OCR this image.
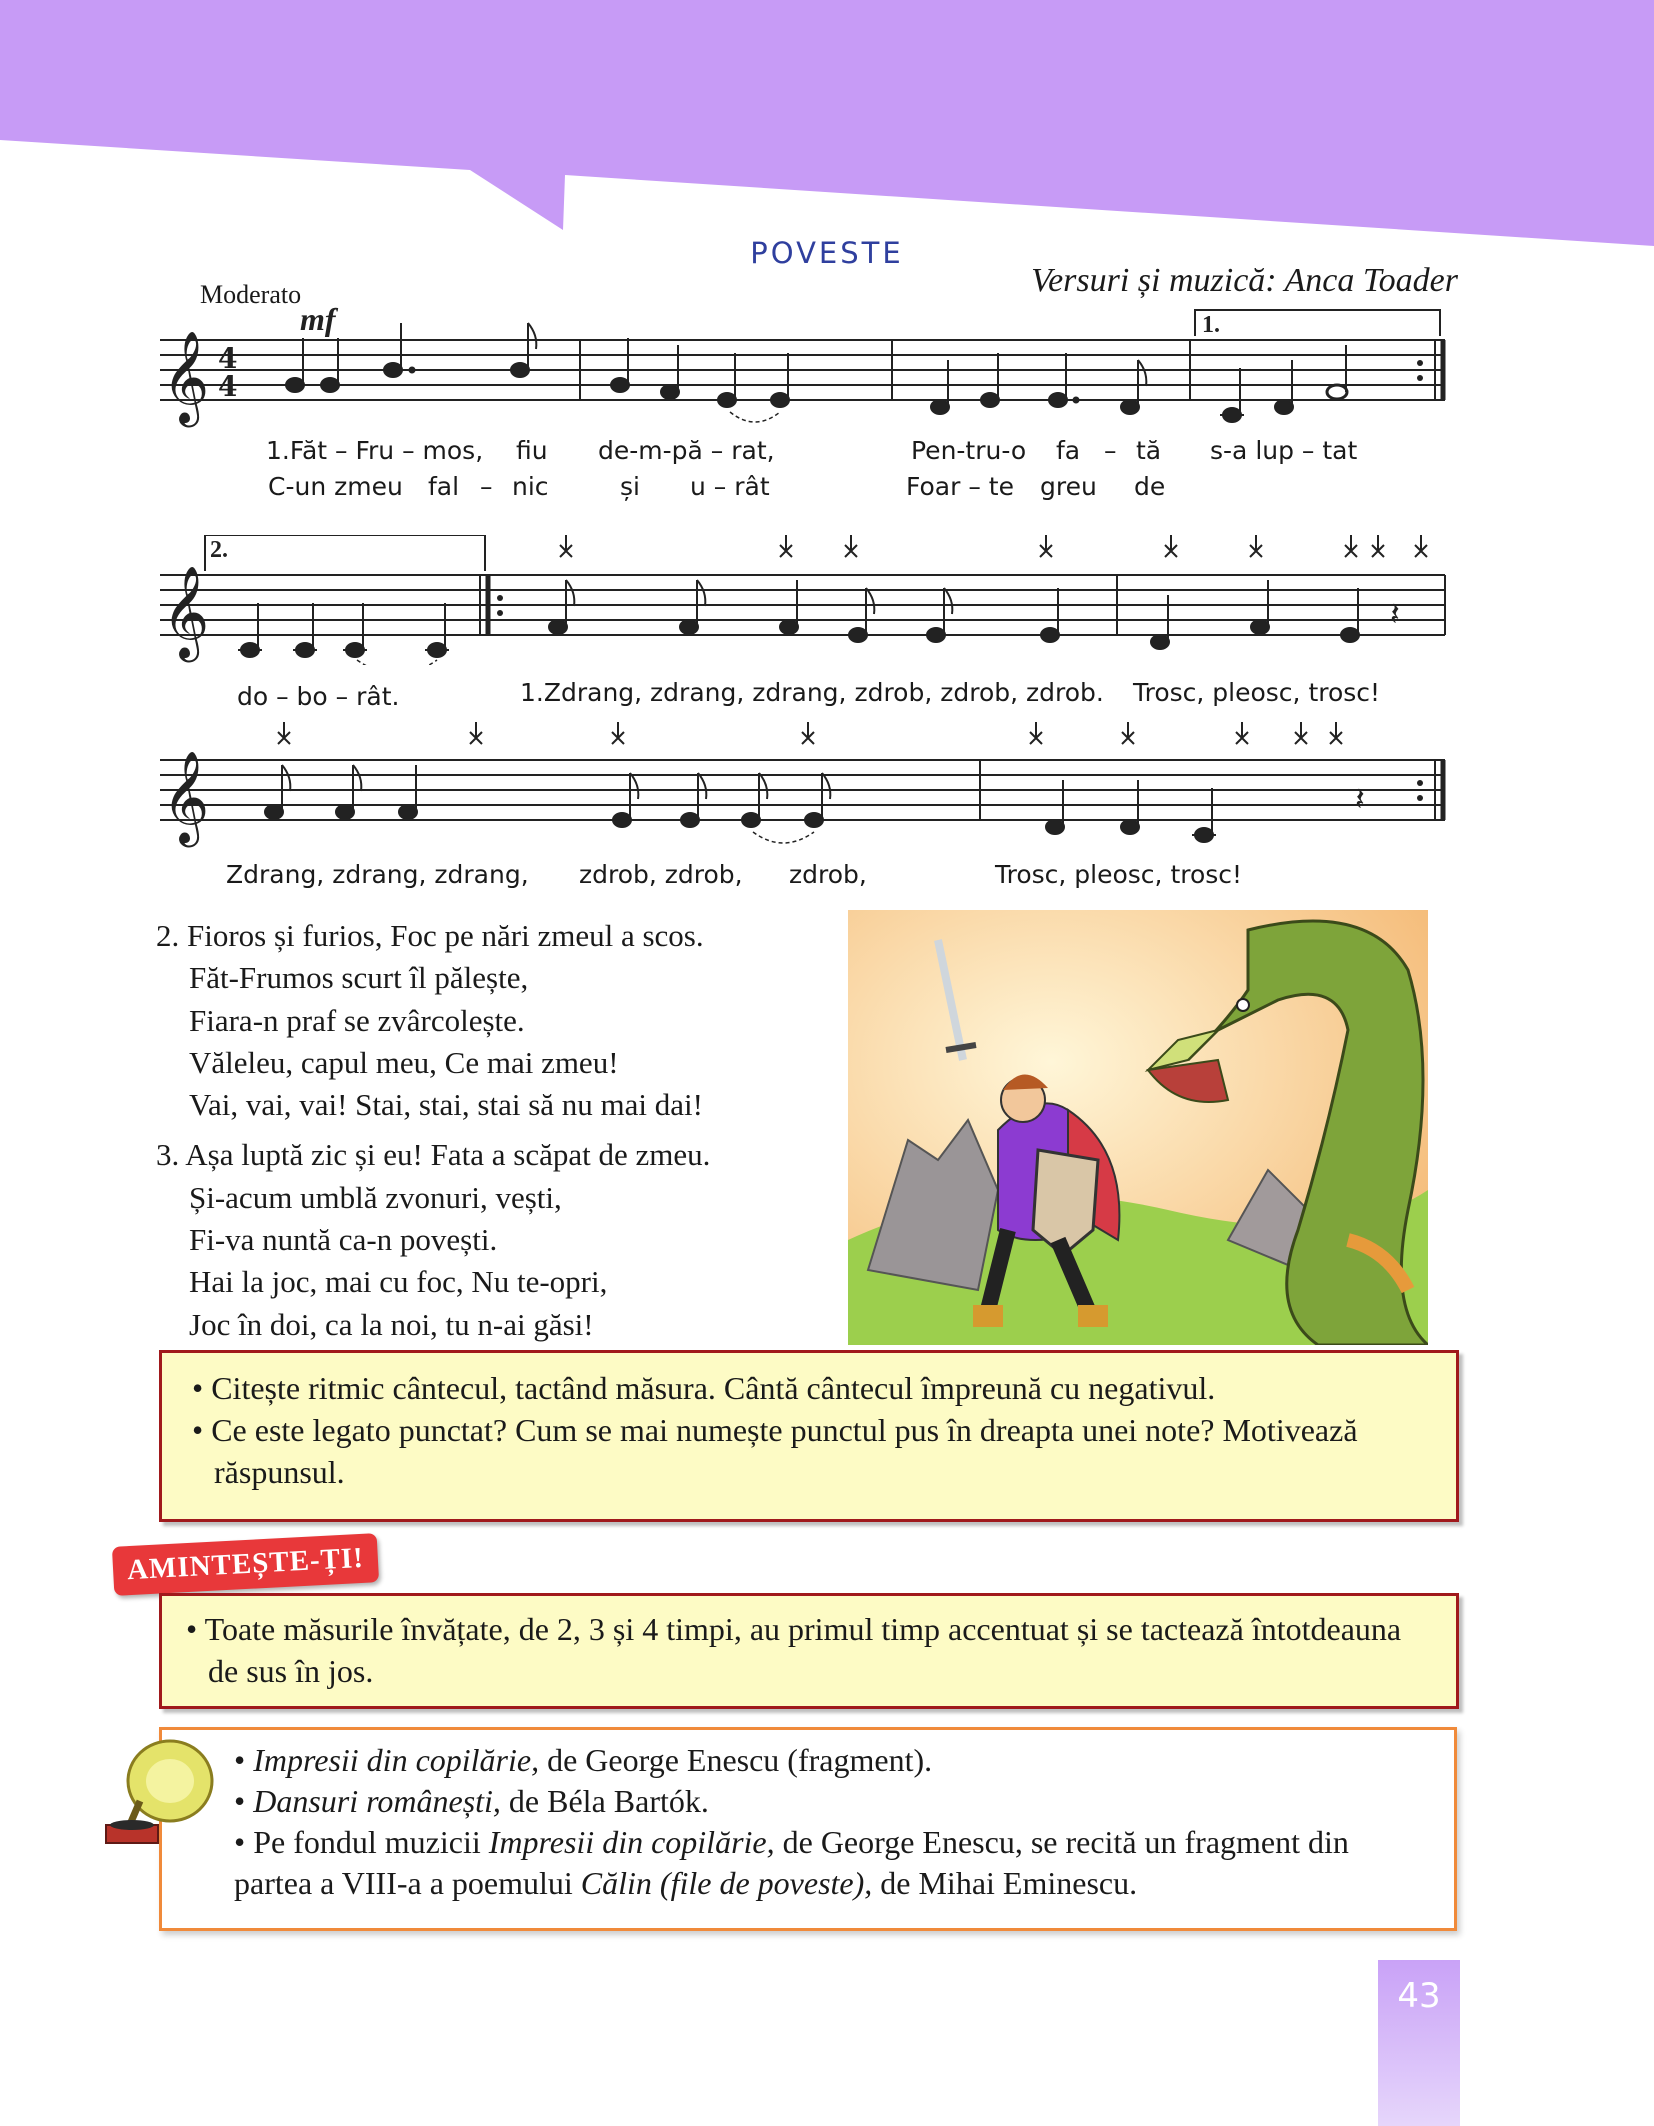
POVESTE
Versuri și muzică: Anca Toader
Moderato
𝄞 4
4
mf	1.
1.Făt – Fru – mos, fiu de-m-pă – rat,	Pen-tru-o fa – tă s-a lup – tat
C-un zmeu fal – nic	și u – rât	Foar – te greu de
𝄞
2.
𝄽
do – bo – rât.	1.Zdrang, zdrang, zdrang, zdrob, zdrob, zdrob. Trosc, pleosc, trosc!
𝄞	𝄽
Zdrang, zdrang, zdrang, zdrob, zdrob, zdrob,	Trosc, pleosc, trosc!
2. Fioros și furios, Foc pe nări zmeul a scos.
Făt-Frumos scurt îl pălește,
Fiara-n praf se zvârcolește.
Văleleu, capul meu, Ce mai zmeu!
Vai, vai, vai! Stai, stai, stai să nu mai dai!
3. Așa luptă zic și eu! Fata a scăpat de zmeu.
Și-acum umblă zvonuri, vești,
Fi-va nuntă ca-n povești.
Hai la joc, mai cu foc, Nu te-opri,
Joc în doi, ca la noi, tu n-ai găsi!
• Citește ritmic cântecul, tactând măsura. Cântă cântecul împreună cu negativul.
• Ce este legato punctat? Cum se mai numește punctul pus în dreapta unei note? Motivează răspunsul.
AMINTEȘTE-ȚI!
• Toate măsurile învățate, de 2, 3 și 4 timpi, au primul timp accentuat și se tactează întotdeauna de sus în jos.
• Impresii din copilărie, de George Enescu (fragment).
• Dansuri românești, de Béla Bartók.
• Pe fondul muzicii Impresii din copilărie, de George Enescu, se recită un fragment din partea a VIII-a a poemului Călin (file de poveste), de Mihai Eminescu.
43
